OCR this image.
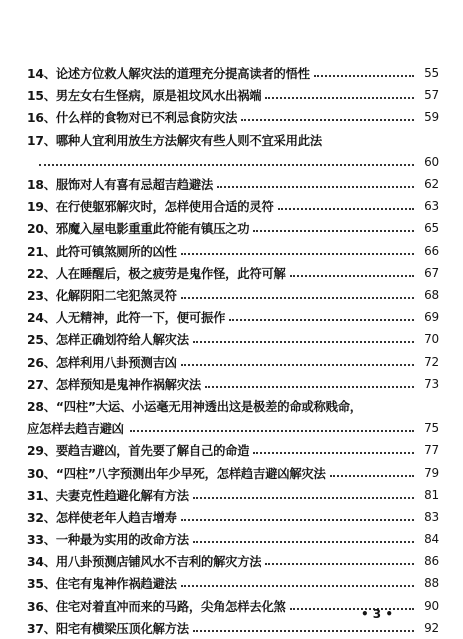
14、 论述方位救人解灾法的道理充分提高读者的悟性	55
15、 男左女右生怪病，原是祖坟风水出祸端	57
16、 什么样的食物对已不利忌食防灾法	59
17、 哪种人宜利用放生方法解灾有些人则不宜采用此法
60
18、 服饰对人有喜有忌超吉趋避法	62
19、 在行使躯邪解灾时，怎样使用合适的灵符	63
20、 邪魔入屋电影重重此符能有镇压之功	65
21、 此符可镇煞厕所的凶性	66
22、 人在睡醒后，极之疲劳是鬼作怪，此符可解	67
23、 化解阴阳二宅犯煞灵符	68
24、 人无精神，此符一下，便可振作	69
25、 怎样正确划符给人解灾法	70
26、 怎样利用八卦预测吉凶	72
27、 怎样预知是鬼神作祸解灾法	73
28、 “四柱”大运、小运毫无用神透出这是极差的命或称贱命，
应怎样去趋吉避凶	75
29、 要趋吉避凶，首先要了解自己的命造	77
30、 “四柱”八字预测出年少早死，怎样趋吉避凶解灾法	79
31、 夫妻克性趋避化解有方法	81
32、 怎样使老年人趋吉增寿	83
33、 一种最为实用的改命方法	84
34、 用八卦预测店铺风水不吉利的解灾方法	86
35、 住宅有鬼神作祸趋避法	88
36、 住宅对着直冲而来的马路，尖角怎样去化煞	90
37、 阳宅有横梁压顶化解方法	92
• 3 •
